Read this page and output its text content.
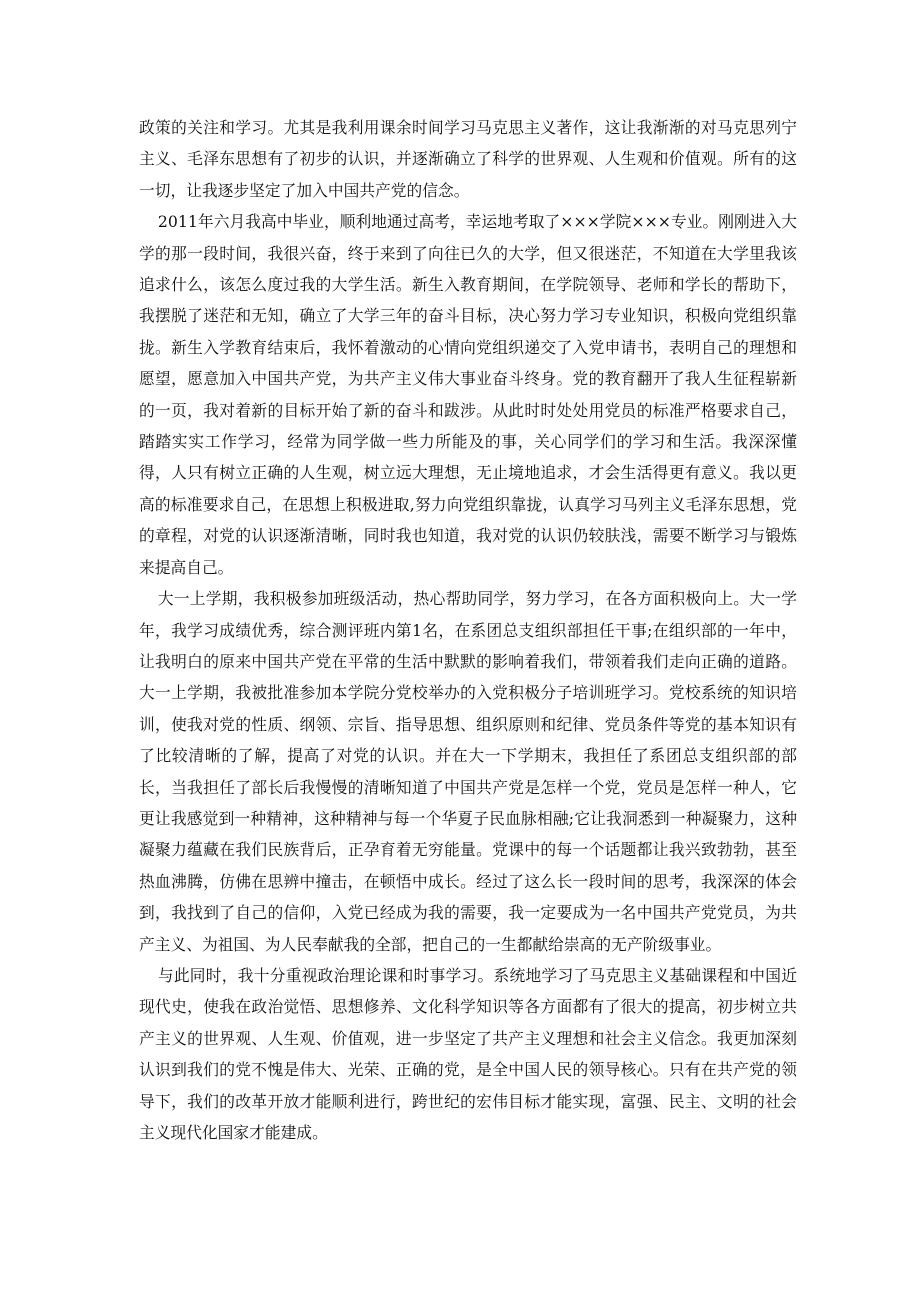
政策的关注和学习。尤其是我利用课余时间学习马克思主义著作，这让我渐渐的对马克思列宁主义、毛泽东思想有了初步的认识，并逐渐确立了科学的世界观、人生观和价值观。所有的这一切，让我逐步坚定了加入中国共产党的信念。

2011年六月我高中毕业，顺利地通过高考，幸运地考取了×××学院×××专业。刚刚进入大学的那一段时间，我很兴奋，终于来到了向往已久的大学，但又很迷茫，不知道在大学里我该追求什么，该怎么度过我的大学生活。新生入教育期间，在学院领导、老师和学长的帮助下，我摆脱了迷茫和无知，确立了大学三年的奋斗目标，决心努力学习专业知识，积极向党组织靠拢。新生入学教育结束后，我怀着激动的心情向党组织递交了入党申请书，表明自己的理想和愿望，愿意加入中国共产党，为共产主义伟大事业奋斗终身。党的教育翻开了我人生征程崭新的一页，我对着新的目标开始了新的奋斗和跋涉。从此时时处处用党员的标准严格要求自己，踏踏实实工作学习，经常为同学做一些力所能及的事，关心同学们的学习和生活。我深深懂得，人只有树立正确的人生观，树立远大理想，无止境地追求，才会生活得更有意义。我以更高的标准要求自己，在思想上积极进取,努力向党组织靠拢，认真学习马列主义毛泽东思想，党的章程，对党的认识逐渐清晰，同时我也知道，我对党的认识仍较肤浅，需要不断学习与锻炼来提高自己。

大一上学期，我积极参加班级活动，热心帮助同学，努力学习，在各方面积极向上。大一学年，我学习成绩优秀，综合测评班内第1名，在系团总支组织部担任干事;在组织部的一年中，让我明白的原来中国共产党在平常的生活中默默的影响着我们，带领着我们走向正确的道路。大一上学期，我被批准参加本学院分党校举办的入党积极分子培训班学习。党校系统的知识培训，使我对党的性质、纲领、宗旨、指导思想、组织原则和纪律、党员条件等党的基本知识有了比较清晰的了解，提高了对党的认识。并在大一下学期末，我担任了系团总支组织部的部长，当我担任了部长后我慢慢的清晰知道了中国共产党是怎样一个党，党员是怎样一种人，它更让我感觉到一种精神，这种精神与每一个华夏子民血脉相融;它让我洞悉到一种凝聚力，这种凝聚力蕴藏在我们民族背后，正孕育着无穷能量。党课中的每一个话题都让我兴致勃勃，甚至热血沸腾，仿佛在思辨中撞击，在顿悟中成长。经过了这么长一段时间的思考，我深深的体会到，我找到了自己的信仰，入党已经成为我的需要，我一定要成为一名中国共产党党员，为共产主义、为祖国、为人民奉献我的全部，把自己的一生都献给崇高的无产阶级事业。

与此同时，我十分重视政治理论课和时事学习。系统地学习了马克思主义基础课程和中国近现代史，使我在政治觉悟、思想修养、文化科学知识等各方面都有了很大的提高，初步树立共产主义的世界观、人生观、价值观，进一步坚定了共产主义理想和社会主义信念。我更加深刻认识到我们的党不愧是伟大、光荣、正确的党，是全中国人民的领导核心。只有在共产党的领导下，我们的改革开放才能顺利进行，跨世纪的宏伟目标才能实现，富强、民主、文明的社会主义现代化国家才能建成。
